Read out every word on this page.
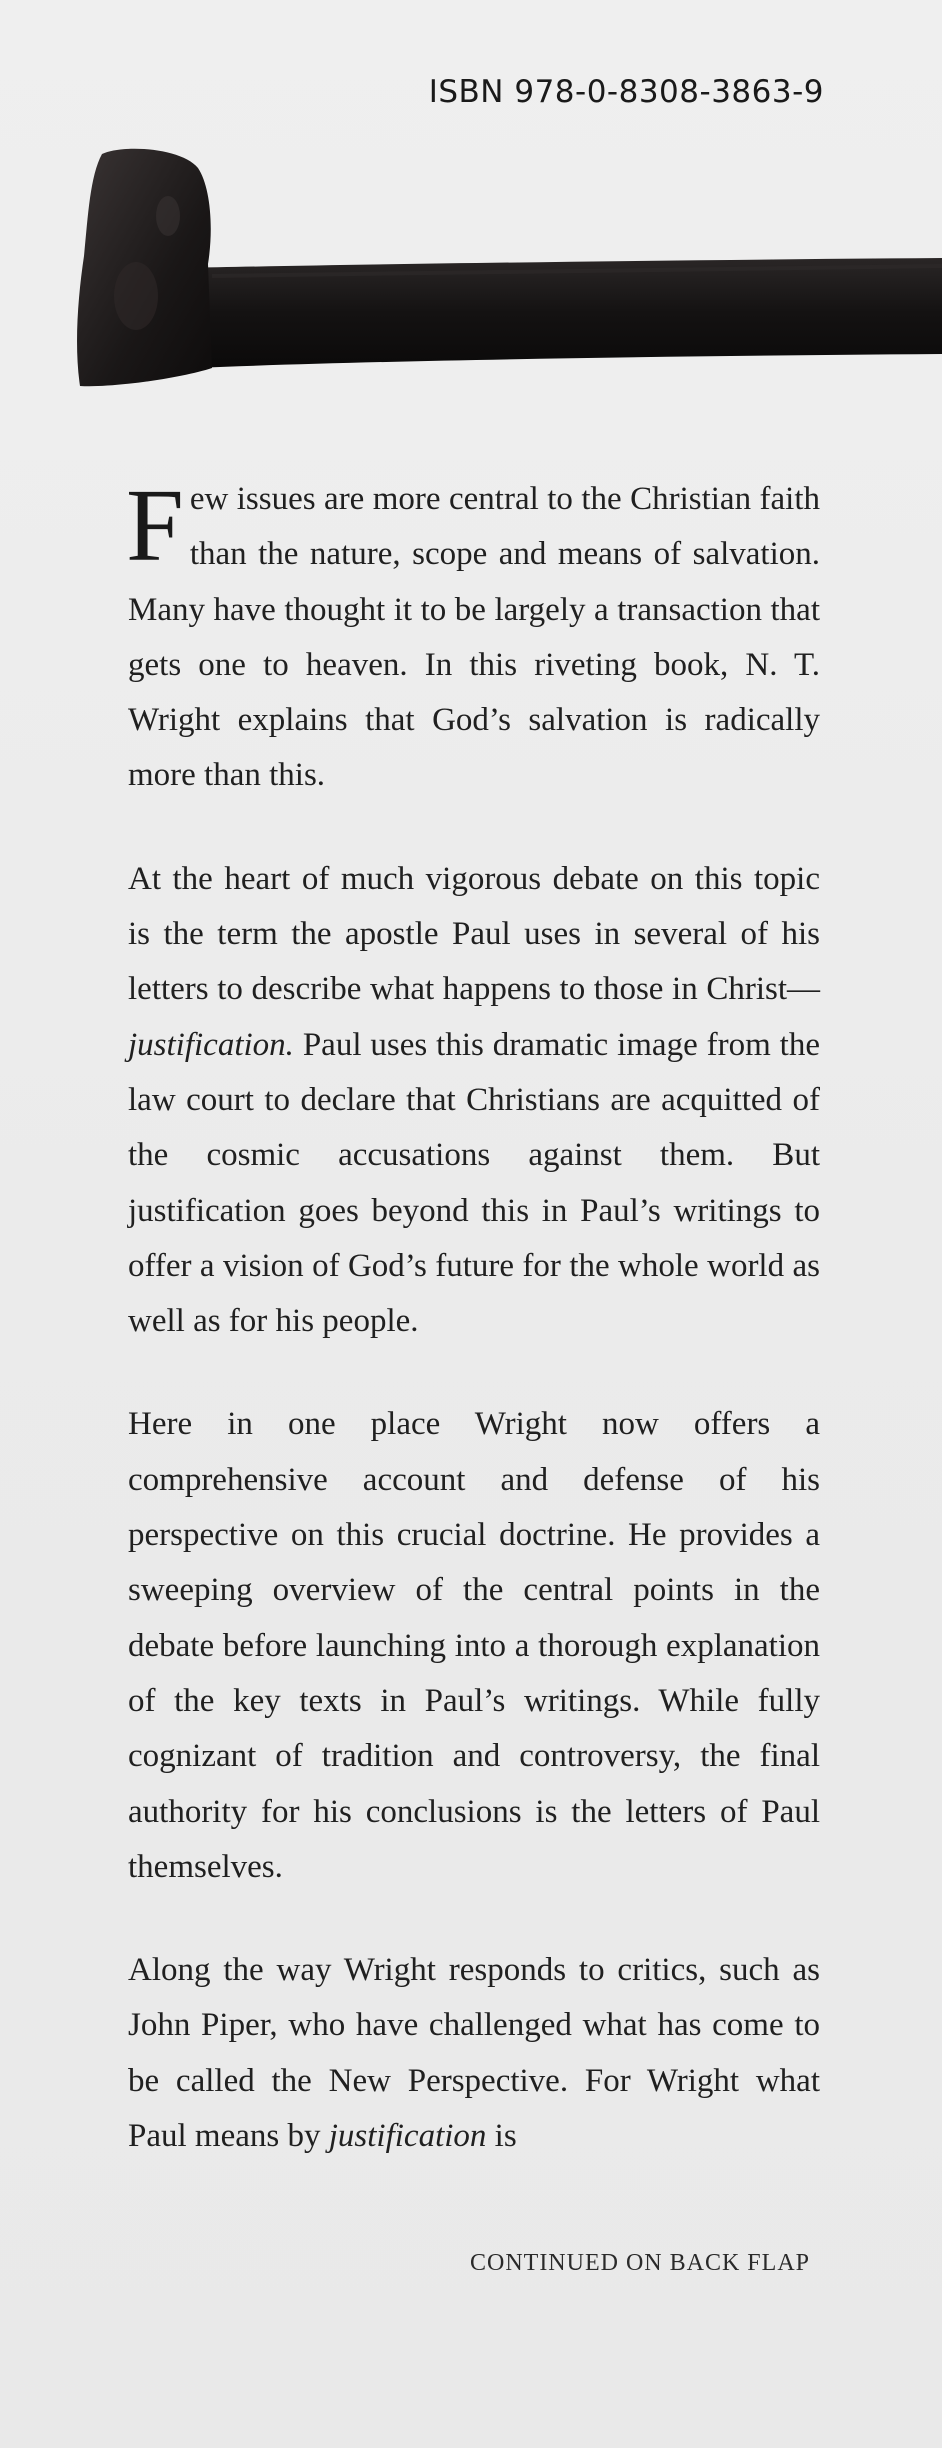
ISBN 978-0-8308-3863-9

Few issues are more central to the Christian faith than the nature, scope and means of salvation. Many have thought it to be largely a transaction that gets one to heaven. In this riveting book, N. T. Wright explains that God’s salvation is radically more than this.

At the heart of much vigorous debate on this topic is the term the apostle Paul uses in several of his letters to describe what happens to those in Christ—justification. Paul uses this dramatic image from the law court to declare that Christians are acquitted of the cosmic accusations against them. But justification goes beyond this in Paul’s writings to offer a vision of God’s future for the whole world as well as for his people.

Here in one place Wright now offers a comprehensive account and defense of his perspective on this crucial doctrine. He provides a sweeping overview of the central points in the debate before launching into a thorough explanation of the key texts in Paul’s writings. While fully cognizant of tradition and controversy, the final authority for his conclusions is the letters of Paul themselves.

Along the way Wright responds to critics, such as John Piper, who have challenged what has come to be called the New Perspective. For Wright what Paul means by justification is

CONTINUED ON BACK FLAP
